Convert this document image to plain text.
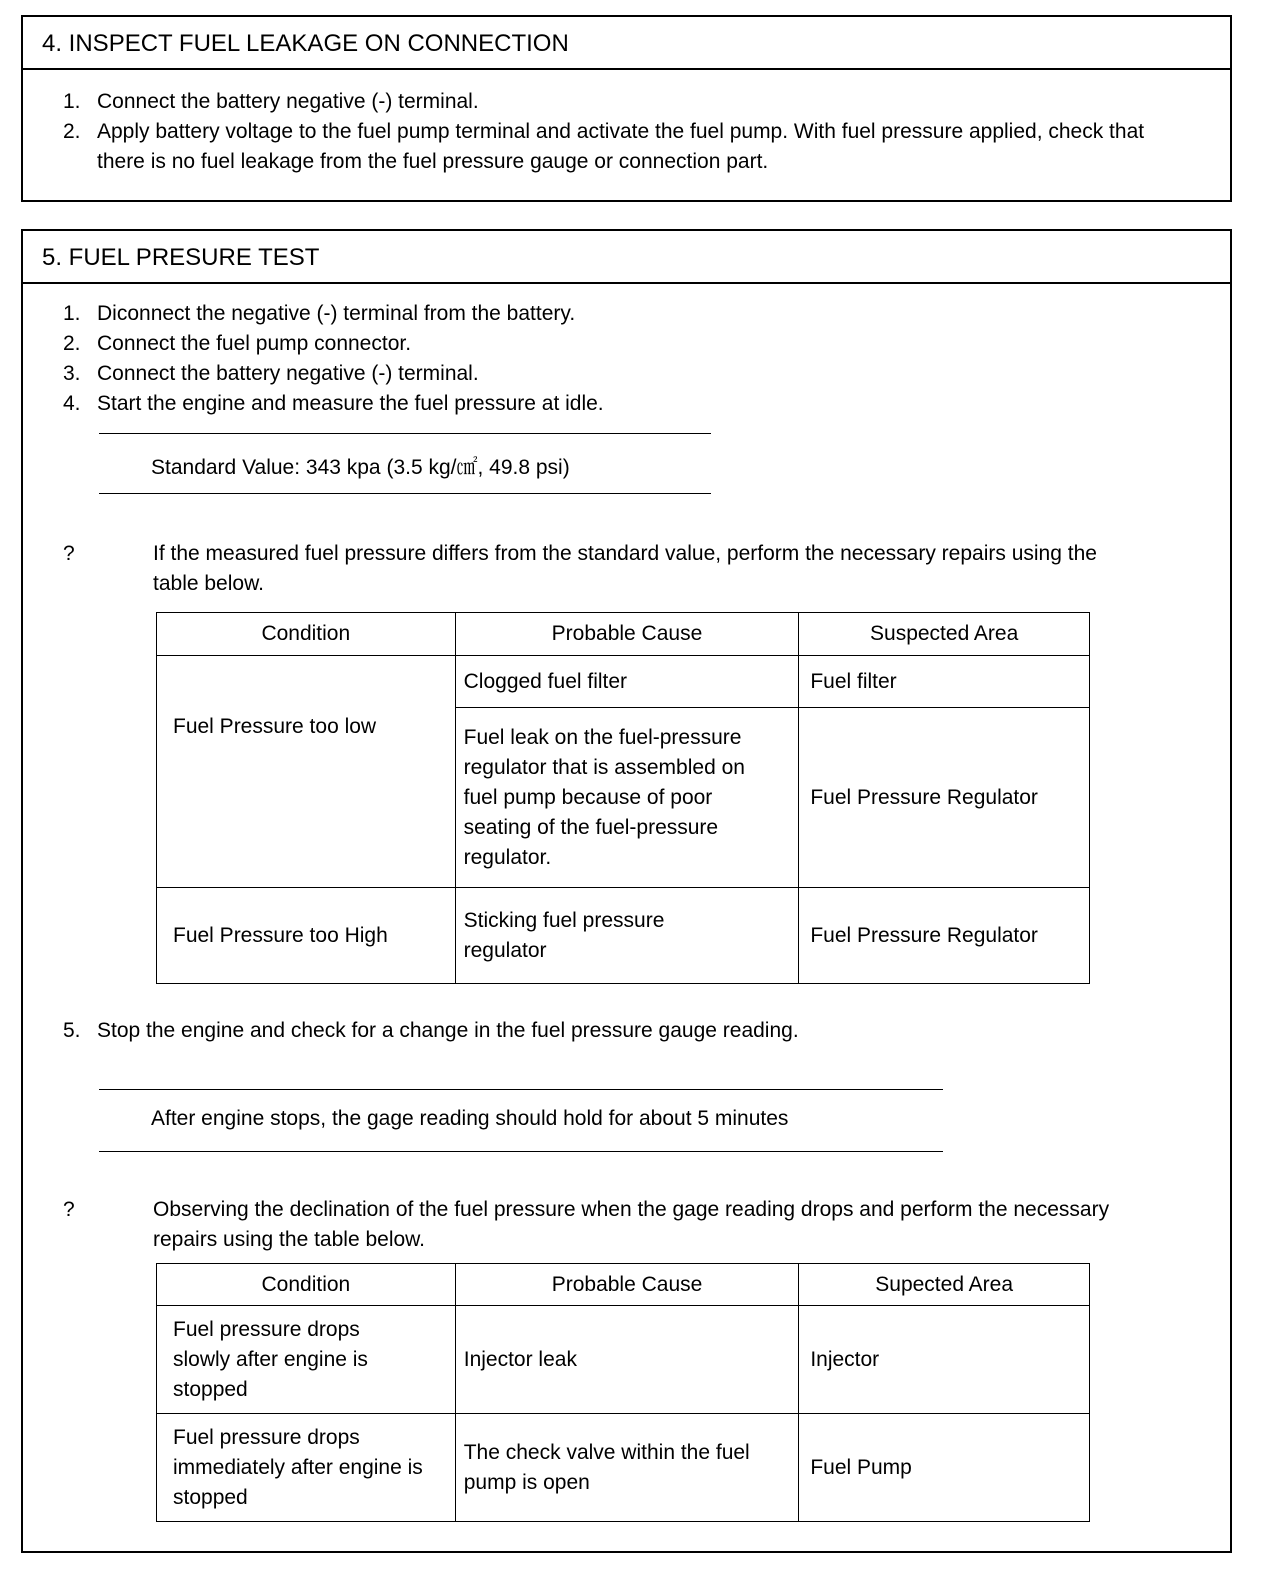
4. INSPECT FUEL LEAKAGE ON CONNECTION
1. Connect the battery negative (-) terminal.
2. Apply battery voltage to the fuel pump terminal and activate the fuel pump. With fuel pressure applied, check that there is no fuel leakage from the fuel pressure gauge or connection part.
5. FUEL PRESURE TEST
1. Diconnect the negative (-) terminal from the battery.
2. Connect the fuel pump connector.
3. Connect the battery negative (-) terminal.
4. Start the engine and measure the fuel pressure at idle.
Standard Value: 343 kpa (3.5 kg/㎠, 49.8 psi)
?	If the measured fuel pressure differs from the standard value, perform the necessary repairs using the table below.
Condition	Probable Cause	Suspected Area
Fuel Pressure too low	Clogged fuel filter	Fuel filter
	Fuel leak on the fuel-pressure regulator that is assembled on fuel pump because of poor seating of the fuel-pressure regulator.	Fuel Pressure Regulator
Fuel Pressure too High	Sticking fuel pressure regulator	Fuel Pressure Regulator
5. Stop the engine and check for a change in the fuel pressure gauge reading.
After engine stops, the gage reading should hold for about 5 minutes
?	Observing the declination of the fuel pressure when the gage reading drops and perform the necessary repairs using the table below.
Condition	Probable Cause	Supected Area
Fuel pressure drops slowly after engine is stopped	Injector leak	Injector
Fuel pressure drops immediately after engine is stopped	The check valve within the fuel pump is open	Fuel Pump
